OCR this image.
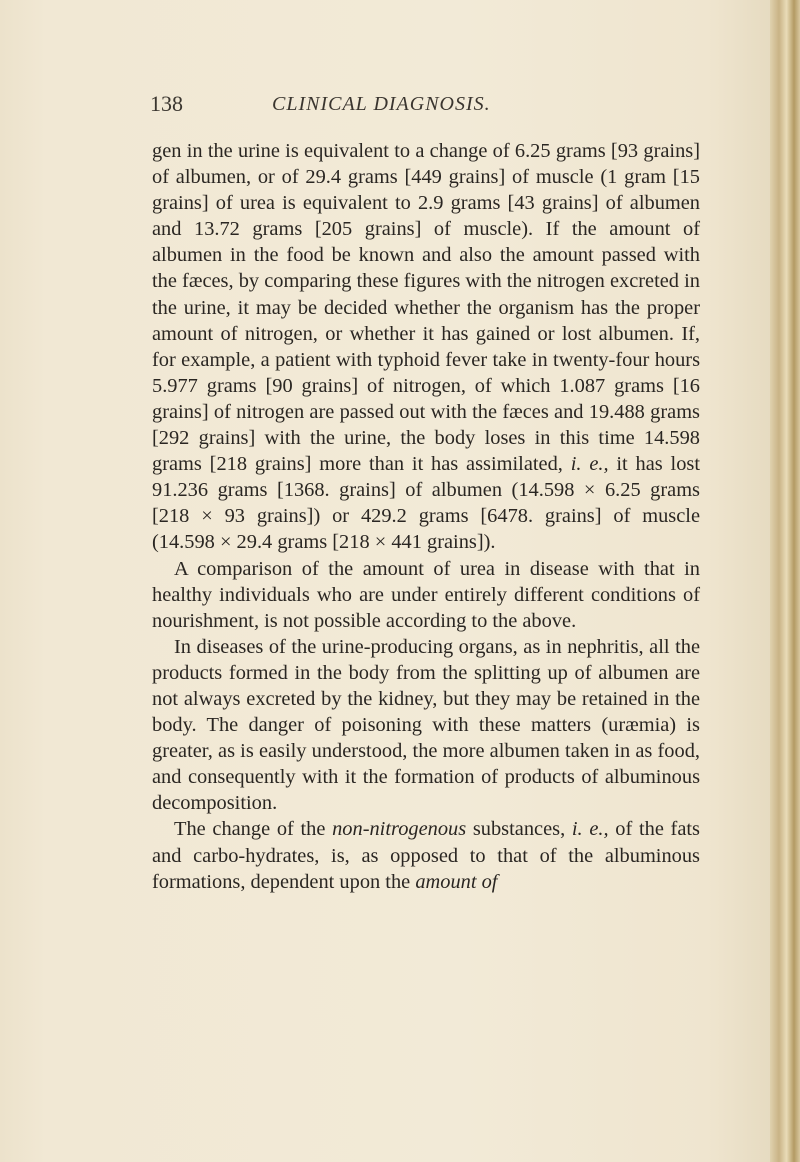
138	CLINICAL DIAGNOSIS.

gen in the urine is equivalent to a change of 6.25 grams [93 grains] of albumen, or of 29.4 grams [449 grains] of muscle (1 gram [15 grains] of urea is equivalent to 2.9 grams [43 grains] of albumen and 13.72 grams [205 grains] of muscle). If the amount of albumen in the food be known and also the amount passed with the fæces, by comparing these figures with the nitrogen excreted in the urine, it may be decided whether the organism has the proper amount of nitrogen, or whether it has gained or lost albumen. If, for example, a patient with typhoid fever take in twenty-four hours 5.977 grams [90 grains] of nitrogen, of which 1.087 grams [16 grains] of nitrogen are passed out with the fæces and 19.488 grams [292 grains] with the urine, the body loses in this time 14.598 grams [218 grains] more than it has assimilated, i. e., it has lost 91.236 grams [1368. grains] of albumen (14.598 × 6.25 grams [218 × 93 grains]) or 429.2 grams [6478. grains] of muscle (14.598 × 29.4 grams [218 × 441 grains]).

A comparison of the amount of urea in disease with that in healthy individuals who are under entirely different conditions of nourishment, is not possible according to the above.

In diseases of the urine-producing organs, as in nephritis, all the products formed in the body from the splitting up of albumen are not always excreted by the kidney, but they may be retained in the body. The danger of poisoning with these matters (uræmia) is greater, as is easily understood, the more albumen taken in as food, and consequently with it the formation of products of albuminous decomposition.

The change of the non-nitrogenous substances, i. e., of the fats and carbo-hydrates, is, as opposed to that of the albuminous formations, dependent upon the amount of
